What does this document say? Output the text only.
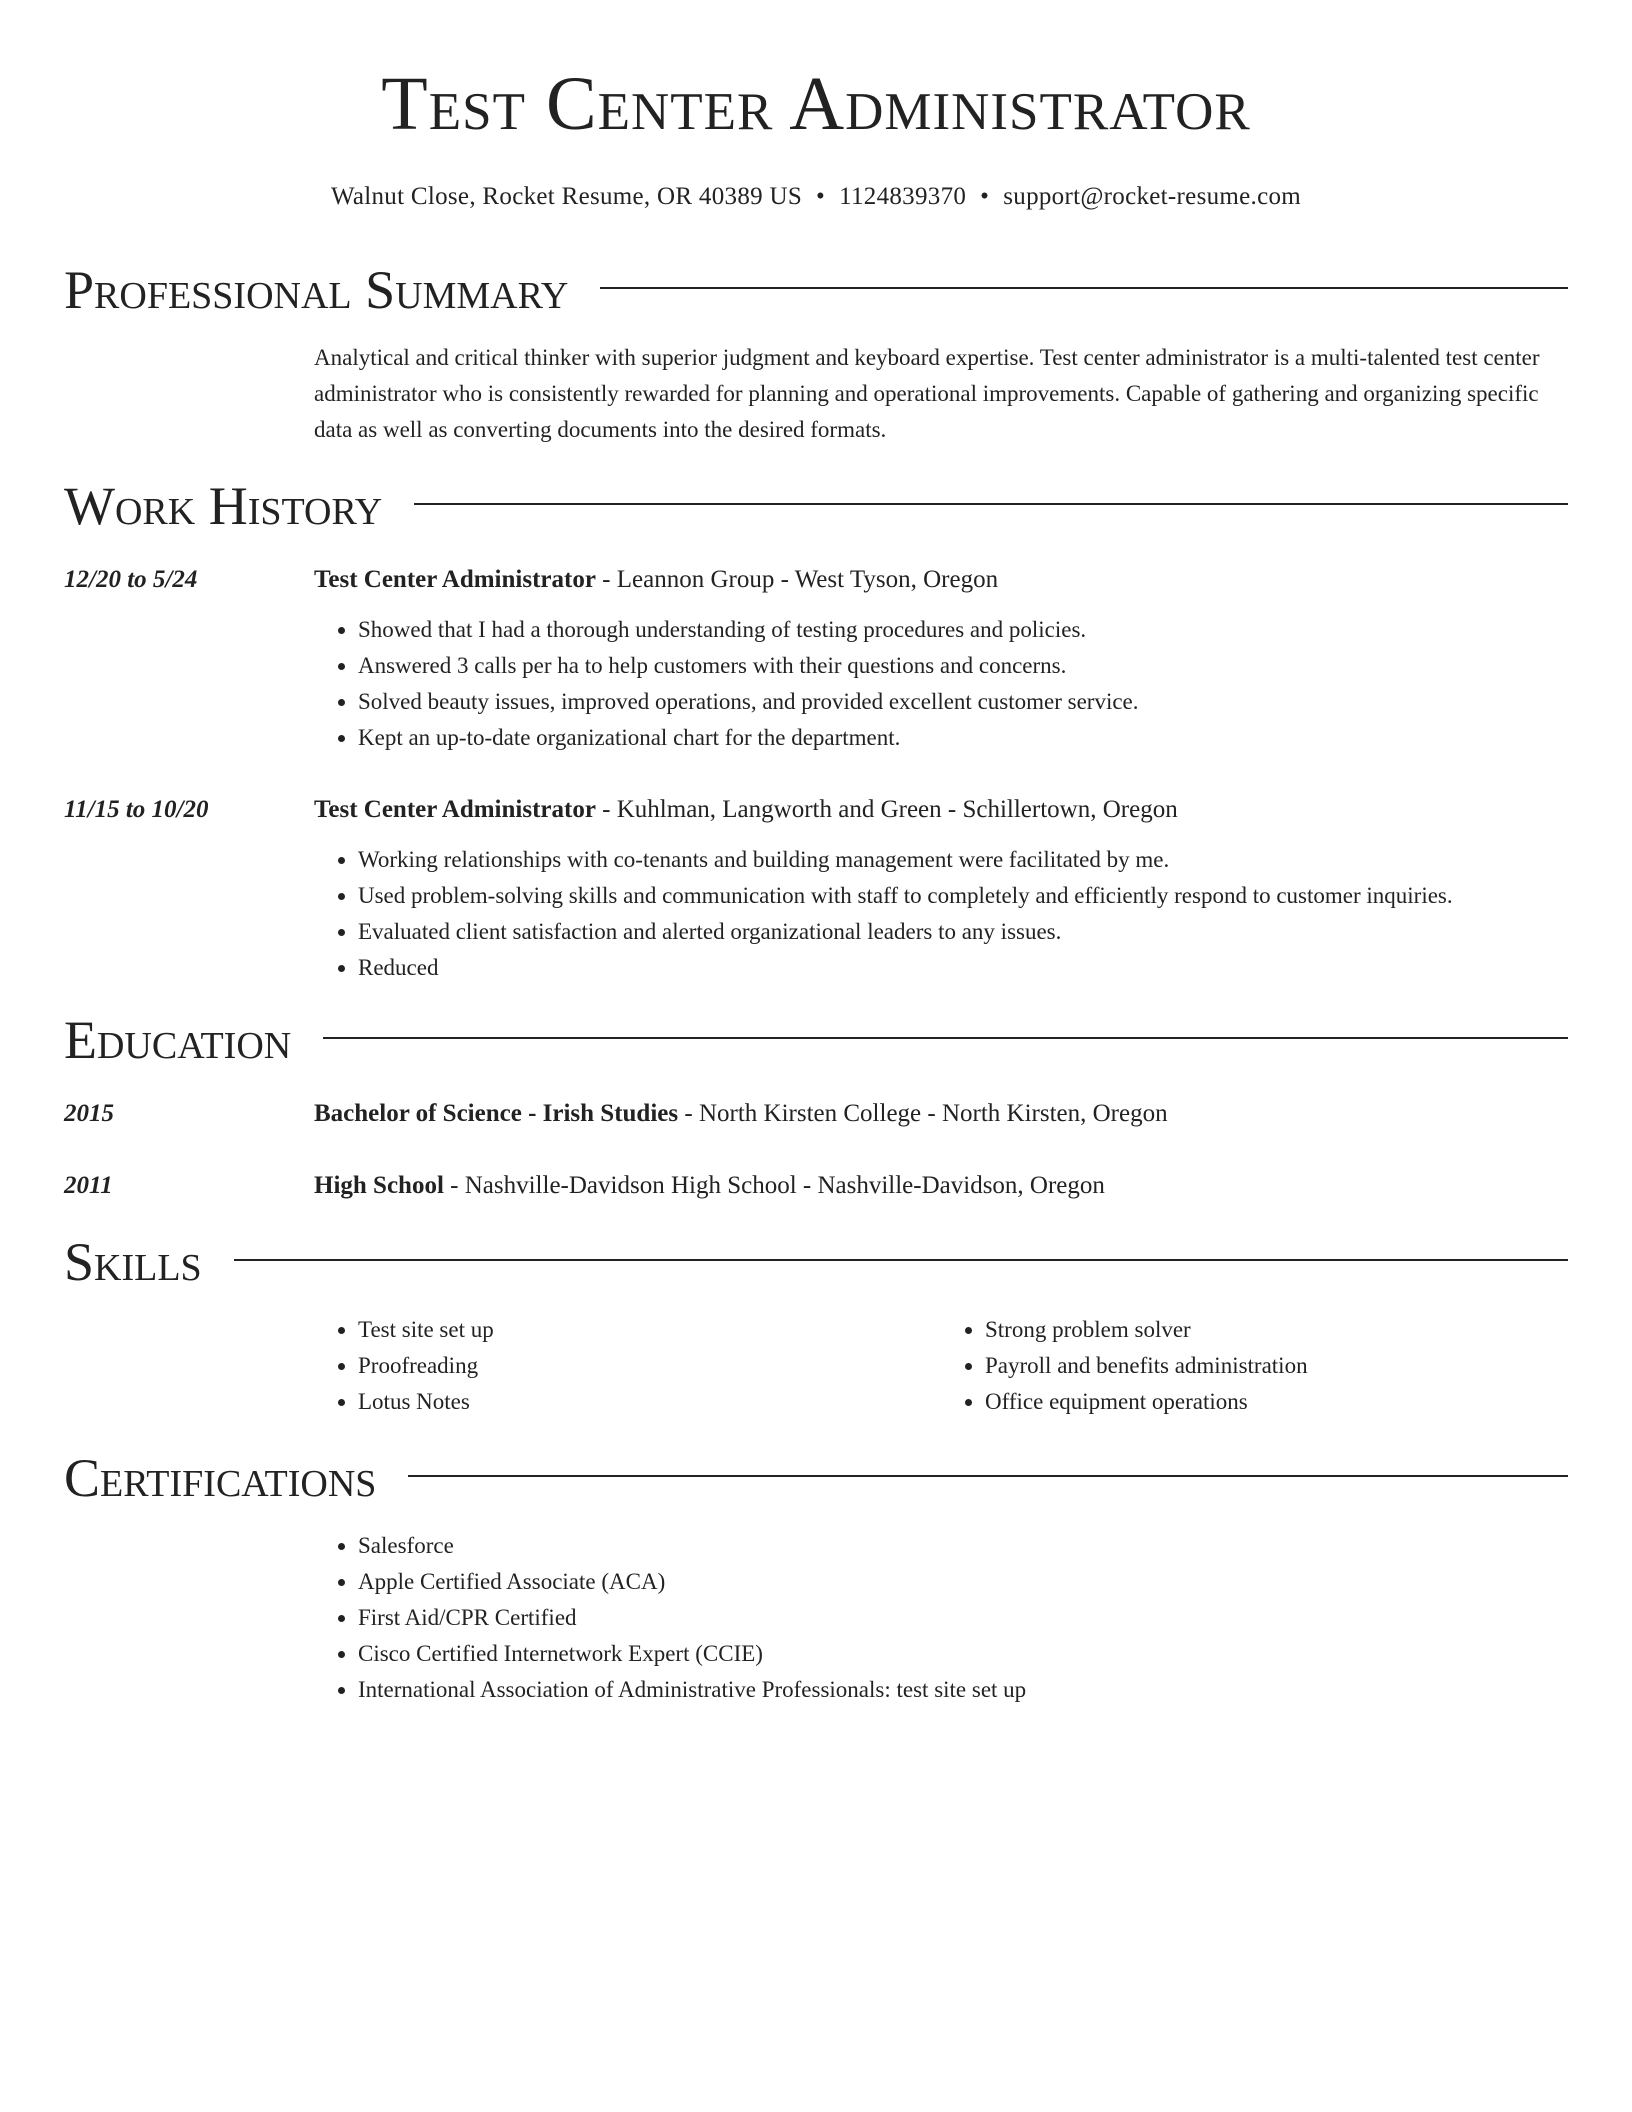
Test Center Administrator
Walnut Close, Rocket Resume, OR 40389 US • 1124839370 • support@rocket-resume.com
Professional Summary
Analytical and critical thinker with superior judgment and keyboard expertise. Test center administrator is a multi-talented test center administrator who is consistently rewarded for planning and operational improvements. Capable of gathering and organizing specific data as well as converting documents into the desired formats.
Work History
12/20 to 5/24	Test Center Administrator - Leannon Group - West Tyson, Oregon
• Showed that I had a thorough understanding of testing procedures and policies.
• Answered 3 calls per ha to help customers with their questions and concerns.
• Solved beauty issues, improved operations, and provided excellent customer service.
• Kept an up-to-date organizational chart for the department.
11/15 to 10/20	Test Center Administrator - Kuhlman, Langworth and Green - Schillertown, Oregon
• Working relationships with co-tenants and building management were facilitated by me.
• Used problem-solving skills and communication with staff to completely and efficiently respond to customer inquiries.
• Evaluated client satisfaction and alerted organizational leaders to any issues.
• Reduced
Education
2015	Bachelor of Science - Irish Studies - North Kirsten College - North Kirsten, Oregon
2011	High School - Nashville-Davidson High School - Nashville-Davidson, Oregon
Skills
• Test site set up
• Proofreading
• Lotus Notes
• Strong problem solver
• Payroll and benefits administration
• Office equipment operations
Certifications
• Salesforce
• Apple Certified Associate (ACA)
• First Aid/CPR Certified
• Cisco Certified Internetwork Expert (CCIE)
• International Association of Administrative Professionals: test site set up
